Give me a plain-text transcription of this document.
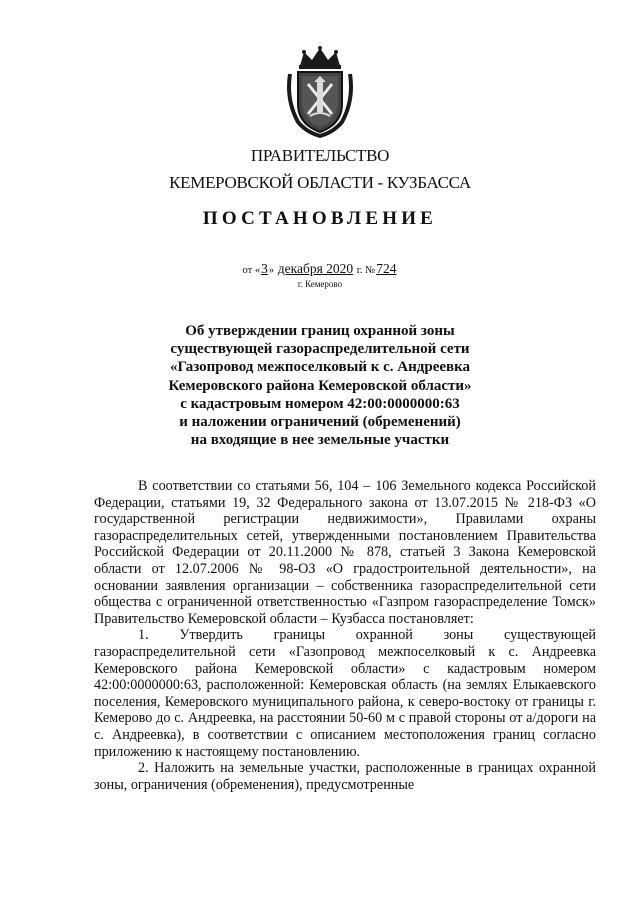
ПРАВИТЕЛЬСТВО
КЕМЕРОВСКОЙ ОБЛАСТИ - КУЗБАССА
ПОСТАНОВЛЕНИЕ
от «3» декабря 2020 г. №724
г. Кемерово
Об утверждении границ охранной зоны
существующей газораспределительной сети
«Газопровод межпоселковый к с. Андреевка
Кемеровского района Кемеровской области»
с кадастровым номером 42:00:0000000:63
и наложении ограничений (обременений)
на входящие в нее земельные участки

В соответствии со статьями 56, 104 – 106 Земельного кодекса Российской Федерации, статьями 19, 32 Федерального закона от 13.07.2015 № 218-ФЗ «О государственной регистрации недвижимости», Правилами охраны газораспределительных сетей, утвержденными постановлением Правительства Российской Федерации от 20.11.2000 № 878, статьей 3 Закона Кемеровской области от 12.07.2006 № 98-ОЗ «О градостроительной деятельности», на основании заявления организации – собственника газораспределительной сети общества с ограниченной ответственностью «Газпром газораспределение Томск» Правительство Кемеровской области – Кузбасса постановляет:

1. Утвердить границы охранной зоны существующей газораспределительной сети «Газопровод межпоселковый к с. Андреевка Кемеровского района Кемеровской области» с кадастровым номером 42:00:0000000:63, расположенной: Кемеровская область (на землях Елыкаевского поселения, Кемеровского муниципального района, к северо-востоку от границы г. Кемерово до с. Андреевка, на расстоянии 50-60 м с правой стороны от а/дороги на с. Андреевка), в соответствии с описанием местоположения границ согласно приложению к настоящему постановлению.

2. Наложить на земельные участки, расположенные в границах охранной зоны, ограничения (обременения), предусмотренные
